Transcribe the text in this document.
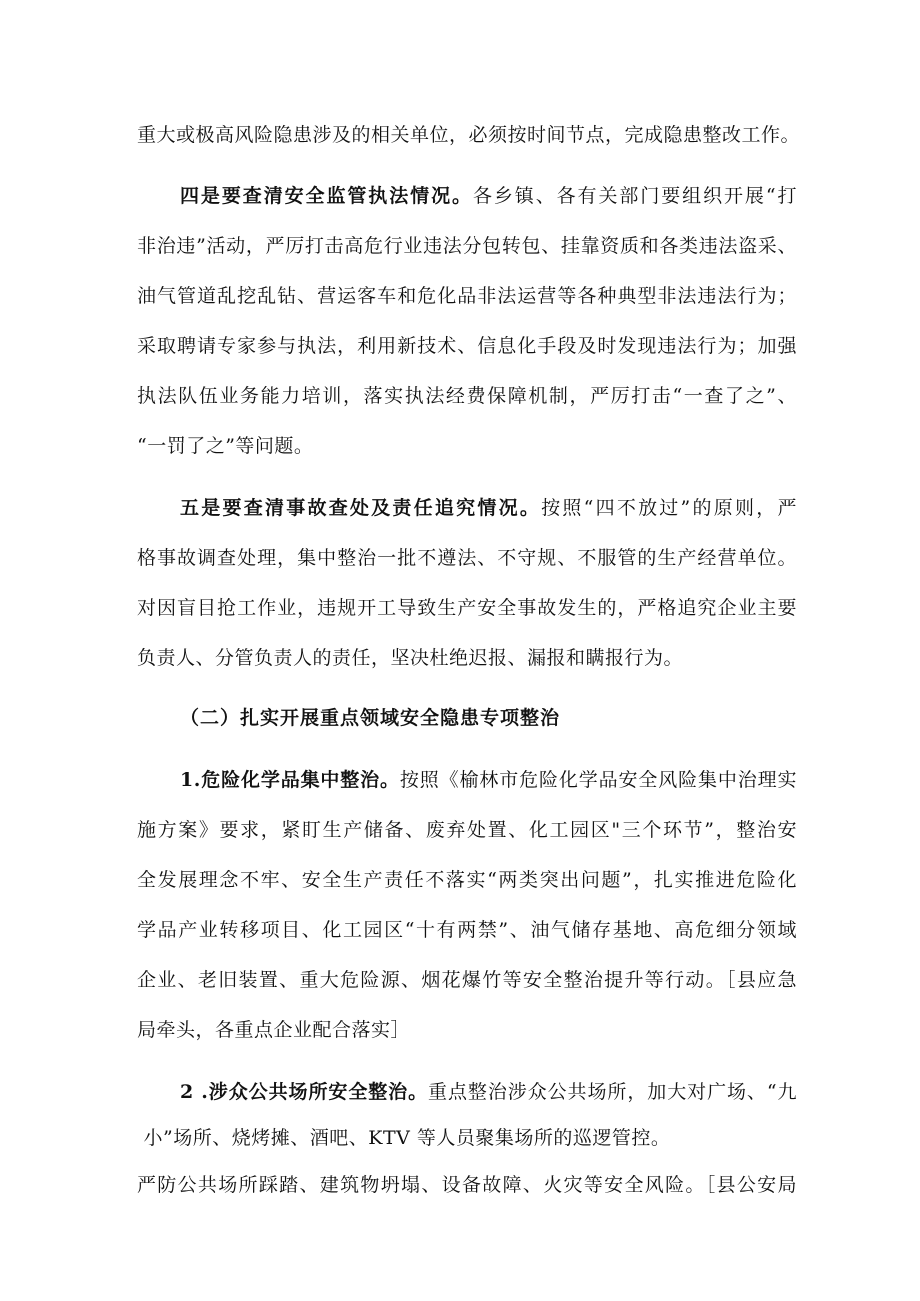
重大或极高风险隐患涉及的相关单位，必须按时间节点，完成隐患整改工作。
四是要查清安全监管执法情况。各乡镇、各有关部门要组织开展“打
非治违”活动，严厉打击高危行业违法分包转包、挂靠资质和各类违法盗采、
油气管道乱挖乱钻、营运客车和危化品非法运营等各种典型非法违法行为；
采取聘请专家参与执法，利用新技术、信息化手段及时发现违法行为；加强
执法队伍业务能力培训，落实执法经费保障机制，严厉打击“一查了之”、
“一罚了之”等问题。
五是要查清事故查处及责任追究情况。按照“四不放过”的原则，严
格事故调查处理，集中整治一批不遵法、不守规、不服管的生产经营单位。
对因盲目抢工作业，违规开工导致生产安全事故发生的，严格追究企业主要
负责人、分管负责人的责任，坚决杜绝迟报、漏报和瞒报行为。
（二）扎实开展重点领域安全隐患专项整治
1.危险化学品集中整治。按照《榆林市危险化学品安全风险集中治理实
施方案》要求，紧盯生产储备、废弃处置、化工园区"三个环节”，整治安
全发展理念不牢、安全生产责任不落实“两类突出问题”，扎实推进危险化
学品产业转移项目、化工园区“十有两禁”、油气储存基地、高危细分领域
企业、老旧装置、重大危险源、烟花爆竹等安全整治提升等行动。［县应急
局牵头，各重点企业配合落实］
2 .涉众公共场所安全整治。重点整治涉众公共场所，加大对广场、“九
小”场所、烧烤摊、酒吧、KTV 等人员聚集场所的巡逻管控。
严防公共场所踩踏、建筑物坍塌、设备故障、火灾等安全风险。［县公安局
